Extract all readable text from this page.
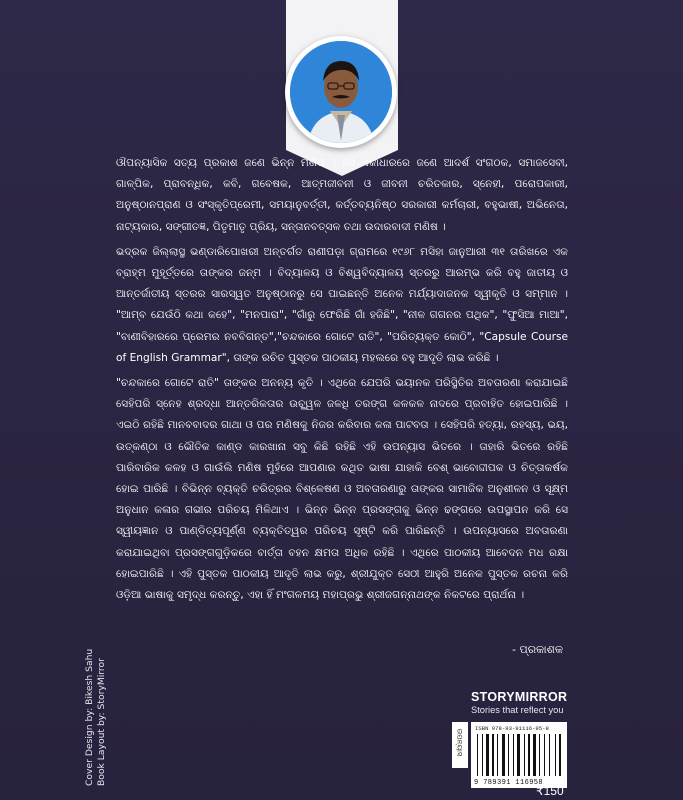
ଔପନ୍ୟାସିକ ସତ୍ୟ ପ୍ରକାଶ ଜଣେ ଭିନ୍ନ ମଣିଷ । ସେ ଏକାଧାରରେ ଜଣେ ଆଦର୍ଶ ସଂଗଠକ, ସମାଜସେବୀ, ଗାଳ୍ପିକ, ପ୍ରାବନ୍ଧିକ, କବି, ଗବେଷକ, ଆତ୍ମଜୀବନୀ ଓ ଜୀବନୀ ଚରିତକାର, ସ୍ନେହୀ, ପରୋପକାରୀ, ଅନୁଷ୍ଠାନପ୍ରାଣ ଓ ସଂସ୍କୃତିପ୍ରେମୀ, ସମୟାନୁବର୍ତ୍ତୀ, କର୍ତ୍ତବ୍ୟନିଷ୍ଠ ସରକାରୀ କର୍ମଚାରୀ, ବହୁଭାଷୀ, ଅଭିନେତା, ନାଟ୍ୟକାର, ସଙ୍ଗୀତଜ୍ଞ, ପିତୃମାତୃ ପ୍ରିୟ, ସନ୍ତାନବତ୍ସଳ ତଥା ଉଦାରବାଦୀ ମଣିଷ ।

ଭଦ୍ରକ ଜିଲ୍ଲାସ୍ଥ ଭଣ୍ଡାରିପୋଖରୀ ଅନ୍ତର୍ଗତ ରାଣୀପଡ଼ା ଗ୍ରାମରେ ୧୯୬୮ ମସିହା ଜାନୁଆରୀ ୩୧ ତାରିଖରେ ଏକ ବ୍ରାହ୍ମ ମୁହୂର୍ତ୍ତରେ ତାଙ୍କର ଜନ୍ମ । ବିଦ୍ୟାଳୟ ଓ ବିଶ୍ୱବିଦ୍ୟାଳୟ ସ୍ତରରୁ ଆରମ୍ଭ କରି ବହୁ ଜାତୀୟ ଓ ଆନ୍ତର୍ଜାତୀୟ ସ୍ତରର ସାରସ୍ୱତ ଅନୁଷ୍ଠାନରୁ ସେ ପାଇଛନ୍ତି ଅନେକ ମର୍ଯ୍ୟାଦାଜନକ ସ୍ୱୀକୃତି ଓ ସମ୍ମାନ । "ଆମ୍ବ ଯେଉଁଠି କଥା କହେ", "ମନପାରା", "ଗାଁରୁ ଫେରିଛି ଗାଁ ହଜିଛି", "ନୀଳ ଗଗନର ପଥିକ", "ଫୁସିଆ ମାଆ", "ବାଣୀବିହାରରେ ପ୍ରେମର ନବବିଗନ୍ତ","ଚନ୍ଦକାରେ ଗୋଟେ ରାତି", "ପରିତ୍ୟକ୍ତ କୋଠି", "Capsule Course of English Grammar", ତାଙ୍କ ରଚିତ ପୁସ୍ତକ ପାଠକୀୟ ମହଲରେ ବହୁ ଆଦୃତି ଲାଭ କରିଛି ।

"ଚନ୍ଦକାରେ ଗୋଟେ ରାତି" ତାଙ୍କର ଅନନ୍ୟ କୃତି । ଏଥିରେ ଯେପରି ଭୟାନକ ପରିସ୍ଥିତିର ଅବତାରଣା କରାଯାଇଛି ସେହିପରି ସ୍ନେହ ଶ୍ରଦ୍ଧା ଆନ୍ତରିକତାର ଉଚ୍ଛ୍ୱଳ ଜଳଧି ତରଙ୍ଗ କଳକଳ ନାଦରେ ପ୍ରବାହିତ ହୋଇପାରିଛି । ଏଇଠି ରହିଛି ମାନବବାଦର ଗାଥା ଓ ପର ମଣିଷକୁ ନିଜର କରିବାର କଳା ପାଟବତା । ସେହିପରି ହତ୍ୟା, ରହସ୍ୟ, ଭୟ, ଉତ୍କଣ୍ଠା ଓ ଭୌତିକ କାଣ୍ଡ କାରଖାନା ସବୁ କିଛି ରହିଛି ଏହି ଉପନ୍ୟାସ ଭିତରେ । ତାହାରି ଭିତରେ ରହିଛି ପାରିବାରିକ କଳହ ଓ ଗାଉଁଲି ମଣିଷ ମୁହଁରେ ଆପଣାର କଥିତ ଭାଷା ଯାହାକି ବେଶ୍ ଭାବୋଦ୍ଦୀପକ ଓ ଚିତ୍ତାକର୍ଷକ ହୋଇ ପାରିଛି । ବିଭିନ୍ନ ବ୍ୟକ୍ତି ଚରିତ୍ରର ବିଶ୍ଳେଷଣ ଓ ଅବତାରଣାରୁ ତାଙ୍କର ସାମାଜିକ ଅନୁଶୀଳନ ଓ ସୂକ୍ଷ୍ମ ଅନୁଧାନ କଳାର ଗଭୀର ପରିଚୟ ମିଳିଥାଏ । ଭିନ୍ନ ଭିନ୍ନ ପ୍ରସଙ୍ଗକୁ ଭିନ୍ନ ଢଙ୍ଗରେ ଉପସ୍ଥାପନ କରି ସେ ସ୍ୱୀୟଜ୍ଞାନ ଓ ପାଣ୍ଡିତ୍ୟପୂର୍ଣ୍ଣ ବ୍ୟକ୍ତିତ୍ୱର ପରିଚୟ ସୃଷ୍ଟି କରି ପାରିଛନ୍ତି । ଉପନ୍ୟାସରେ ଅବତାରଣା କରାଯାଇଥିବା ପ୍ରସଙ୍ଗଗୁଡ଼ିକରେ ବାର୍ତ୍ତା ବହନ କ୍ଷମତା ଅଧିକ ରହିଛି । ଏଥିରେ ପାଠକୀୟ ଆବେଦନ ମଧ ରକ୍ଷା ହୋଇପାରିଛି । ଏହି ପୁସ୍ତକ ପାଠକୀୟ ଆଦୃତି ଲାଭ କରୁ, ଶ୍ରୀଯୁକ୍ତ ସେଠୀ ଆହୁରି ଅନେକ ପୁସ୍ତକ ରଚନା କରି ଓଡ଼ିଆ ଭାଷାକୁ ସମୃଦ୍ଧ କରନ୍ତୁ, ଏହା ହିଁ ମଂଗଳମୟ ମହାପ୍ରଭୁ ଶ୍ରୀଜଗନ୍ନାଥଙ୍କ ନିକଟରେ ପ୍ରାର୍ଥନା ।

- ପ୍ରକାଶକ
Cover Design by: Bikesh Sahu Book Layout by: StoryMirror	STORYMIRROR
Stories that reflect you
ଉପନ୍ୟାସ
ISBN 978-93-91116-95-8
9 789391 116958
₹150
